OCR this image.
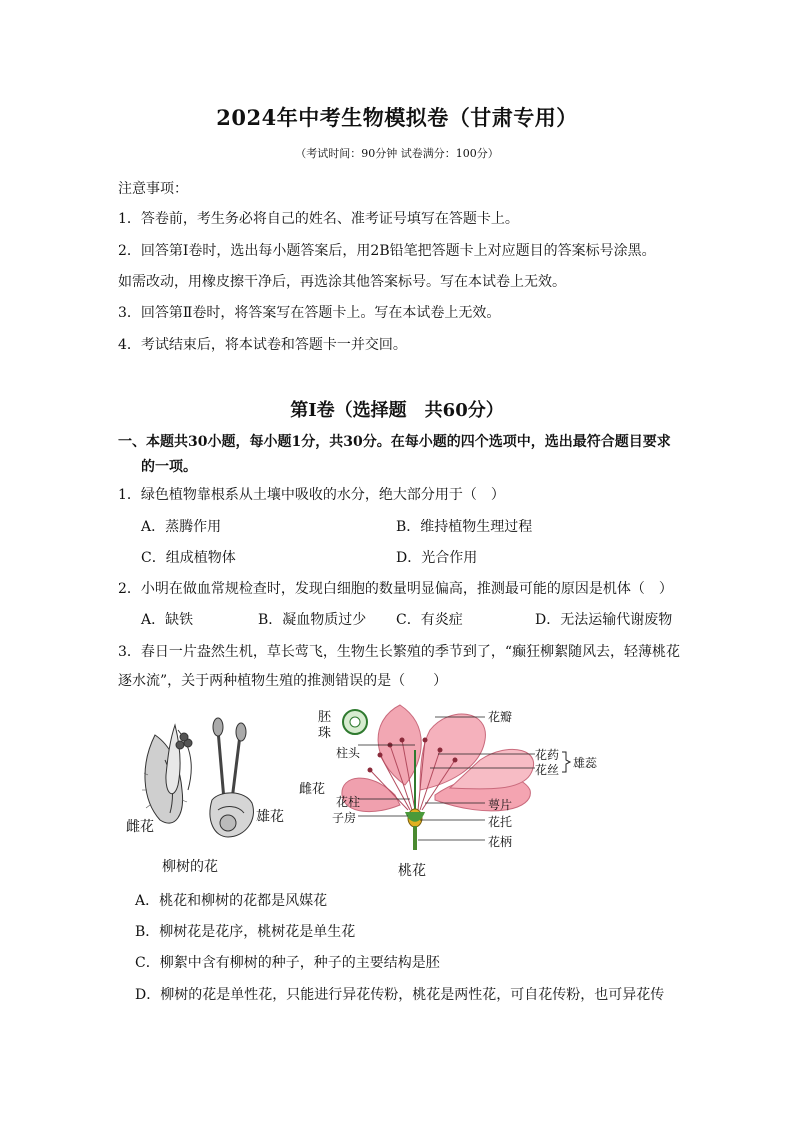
2024年中考生物模拟卷（甘肃专用）
（考试时间：90分钟 试卷满分：100分）
注意事项：
1．答卷前，考生务必将自己的姓名、准考证号填写在答题卡上。
2．回答第Ⅰ卷时，选出每小题答案后，用2B铅笔把答题卡上对应题目的答案标号涂黑。
如需改动，用橡皮擦干净后，再选涂其他答案标号。写在本试卷上无效。
3．回答第Ⅱ卷时，将答案写在答题卡上。写在本试卷上无效。
4．考试结束后，将本试卷和答题卡一并交回。
第Ⅰ卷（选择题　共60分）
一、本题共30小题，每小题1分，共30分。在每小题的四个选项中，选出最符合题目要求
的一项。
1．绿色植物靠根系从土壤中吸收的水分，绝大部分用于（　）
A．蒸腾作用	B．维持植物生理过程
C．组成植物体	D．光合作用
2．小明在做血常规检查时，发现白细胞的数量明显偏高，推测最可能的原因是机体（　）
A．缺铁	B．凝血物质过少 C．有炎症	D．无法运输代谢废物
3．春日一片盎然生机，草长莺飞，生物生长繁殖的季节到了，“癫狂柳絮随风去，轻薄桃花
逐水流”，关于两种植物生殖的推测错误的是（　　）
雌花
雄花
柳树的花
胚
珠
柱头
雌花
花柱
子房
花瓣
花药
花丝 雄蕊
萼片
花托
花柄
桃花
A．桃花和柳树的花都是风媒花
B．柳树花是花序，桃树花是单生花
C．柳絮中含有柳树的种子，种子的主要结构是胚
D．柳树的花是单性花，只能进行异花传粉，桃花是两性花，可自花传粉，也可异花传
